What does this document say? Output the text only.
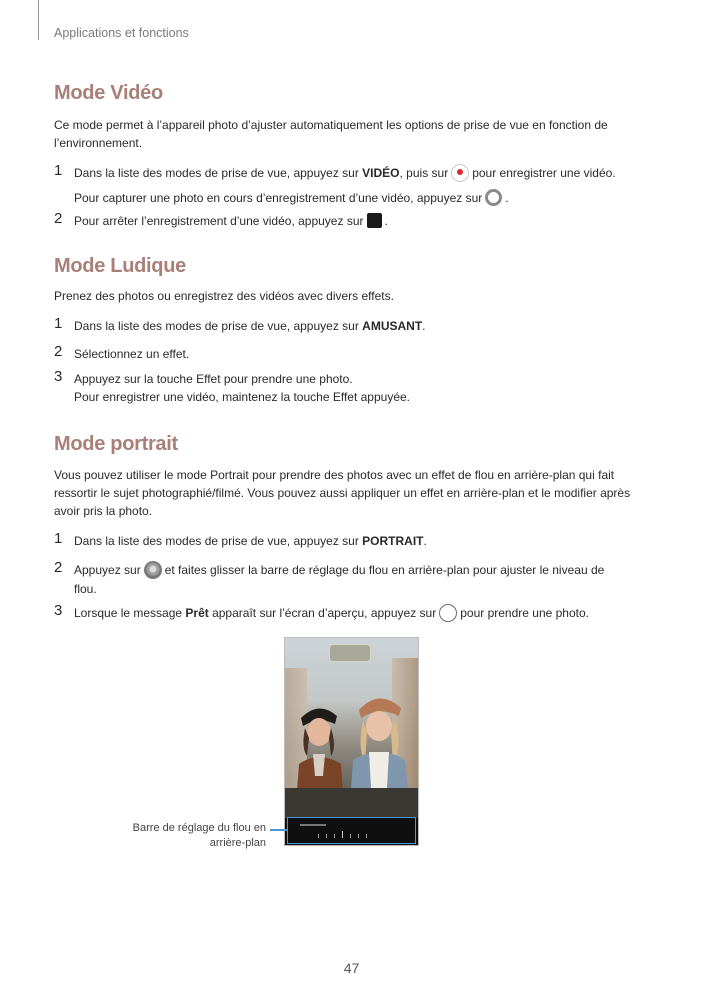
Applications et fonctions
Mode Vidéo
Ce mode permet à l’appareil photo d’ajuster automatiquement les options de prise de vue en fonction de l’environnement.
1 Dans la liste des modes de prise de vue, appuyez sur VIDÉO, puis sur pour enregistrer une vidéo.
Pour capturer une photo en cours d’enregistrement d’une vidéo, appuyez sur .
2 Pour arrêter l’enregistrement d’une vidéo, appuyez sur .
Mode Ludique
Prenez des photos ou enregistrez des vidéos avec divers effets.
1 Dans la liste des modes de prise de vue, appuyez sur AMUSANT.
2 Sélectionnez un effet.
3 Appuyez sur la touche Effet pour prendre une photo.
Pour enregistrer une vidéo, maintenez la touche Effet appuyée.
Mode portrait
Vous pouvez utiliser le mode Portrait pour prendre des photos avec un effet de flou en arrière-plan qui fait ressortir le sujet photographié/filmé. Vous pouvez aussi appliquer un effet en arrière-plan et le modifier après avoir pris la photo.
1 Dans la liste des modes de prise de vue, appuyez sur PORTRAIT.
2 Appuyez sur et faites glisser la barre de réglage du flou en arrière-plan pour ajuster le niveau de
flou.
3 Lorsque le message Prêt apparaît sur l’écran d’aperçu, appuyez sur pour prendre une photo.
Barre de réglage du flou en arrière-plan
47
